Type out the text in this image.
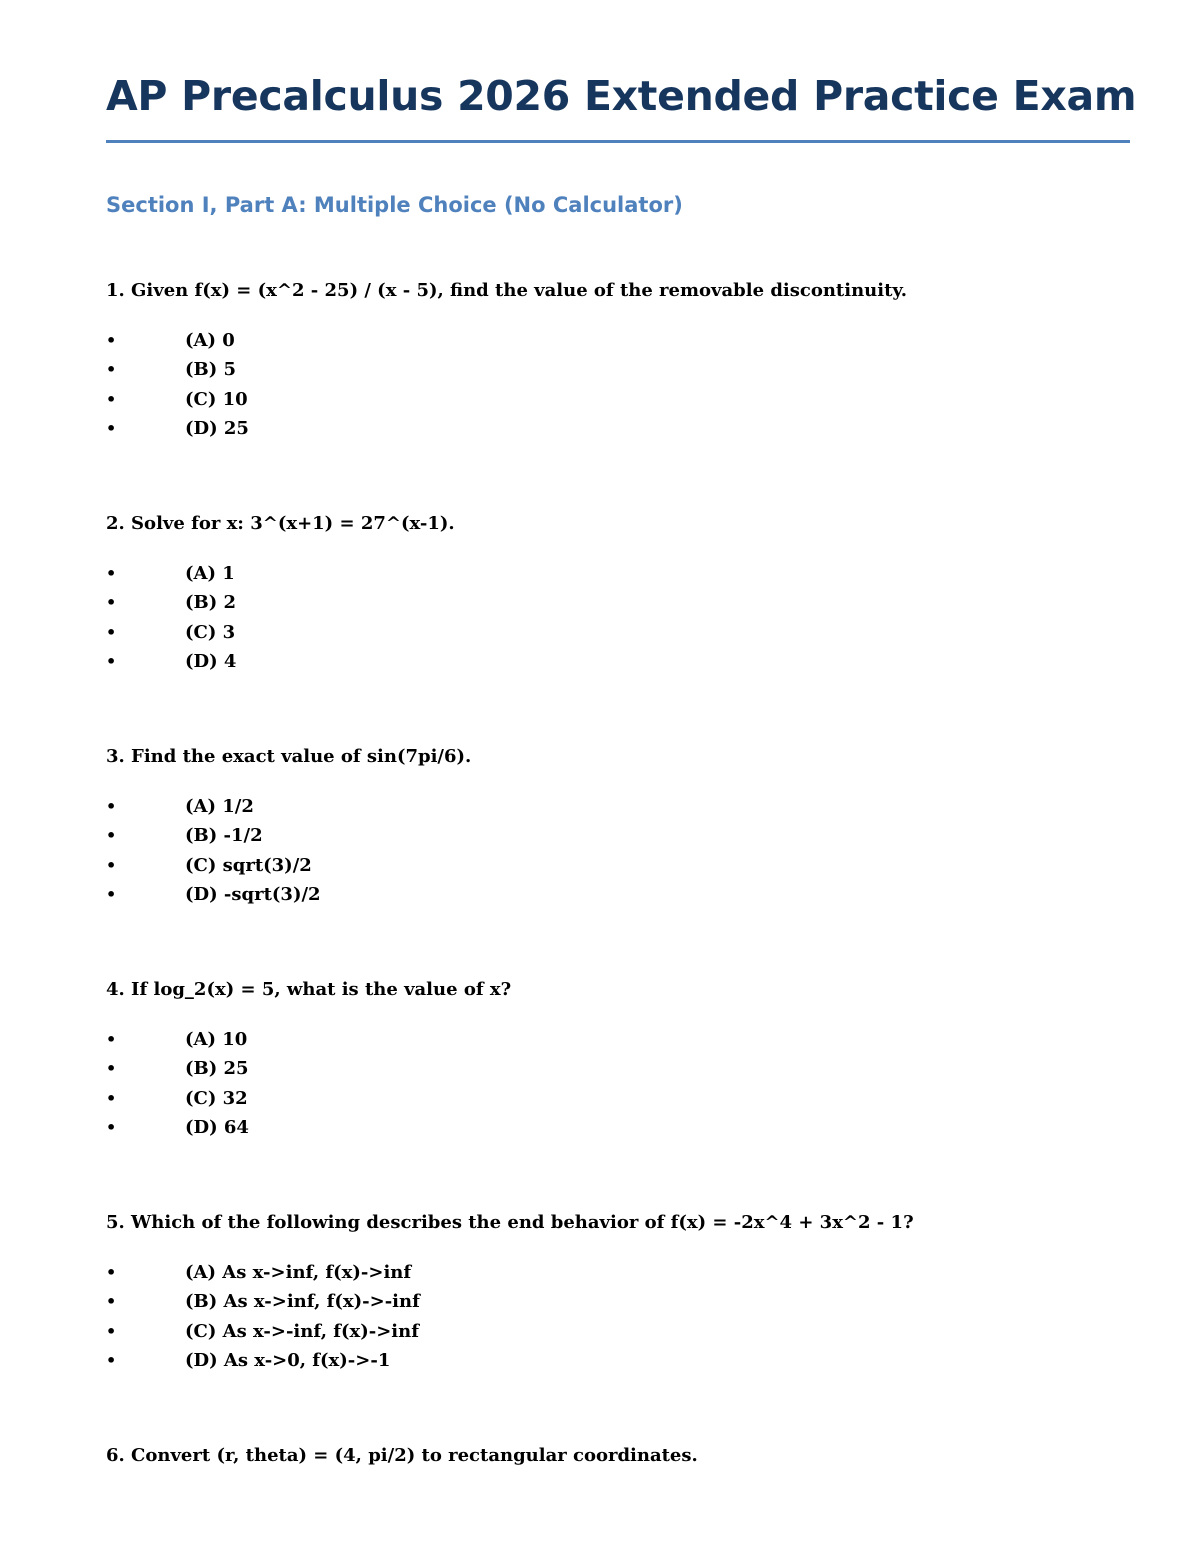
AP Precalculus 2026 Extended Practice Exam
Section I, Part A: Multiple Choice (No Calculator)

1. Given f(x) = (x^2 - 25) / (x - 5), find the value of the removable discontinuity.

•	(A) 0
•	(B) 5
•	(C) 10
•	(D) 25

2. Solve for x: 3^(x+1) = 27^(x-1).

•	(A) 1
•	(B) 2
•	(C) 3
•	(D) 4

3. Find the exact value of sin(7pi/6).

•	(A) 1/2
•	(B) -1/2
•	(C) sqrt(3)/2
•	(D) -sqrt(3)/2

4. If log_2(x) = 5, what is the value of x?

•	(A) 10
•	(B) 25
•	(C) 32
•	(D) 64

5. Which of the following describes the end behavior of f(x) = -2x^4 + 3x^2 - 1?

•	(A) As x->inf, f(x)->inf
•	(B) As x->inf, f(x)->-inf
•	(C) As x->-inf, f(x)->inf
•	(D) As x->0, f(x)->-1

6. Convert (r, theta) = (4, pi/2) to rectangular coordinates.
